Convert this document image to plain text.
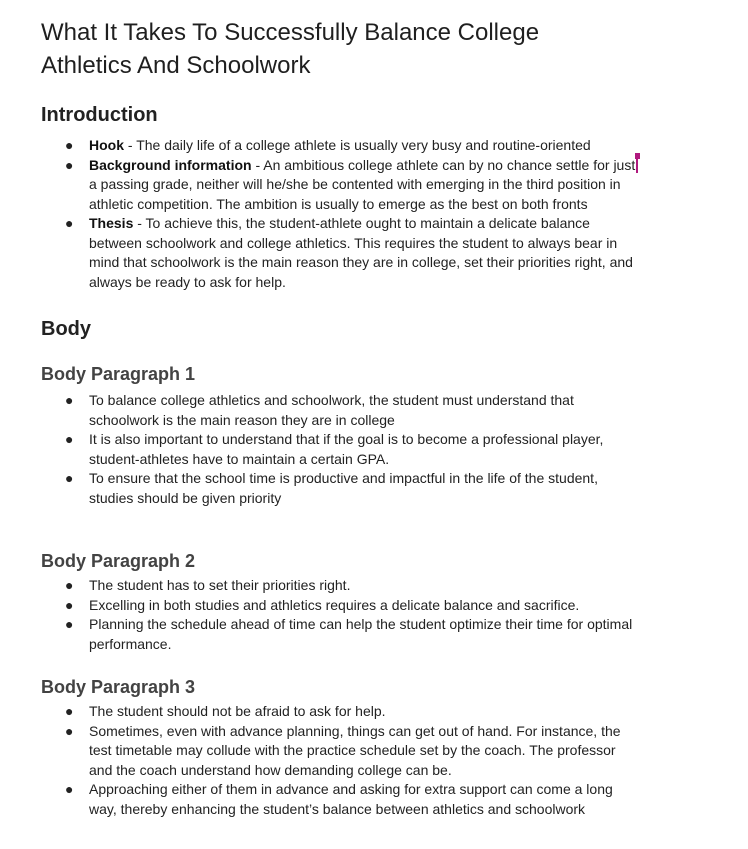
What It Takes To Successfully Balance College
Athletics And Schoolwork
Introduction
● Hook - The daily life of a college athlete is usually very busy and routine-oriented
● Background information - An ambitious college athlete can by no chance settle for just
a passing grade, neither will he/she be contented with emerging in the third position in
athletic competition. The ambition is usually to emerge as the best on both fronts
● Thesis - To achieve this, the student-athlete ought to maintain a delicate balance
between schoolwork and college athletics. This requires the student to always bear in
mind that schoolwork is the main reason they are in college, set their priorities right, and
always be ready to ask for help.
Body
Body Paragraph 1
● To balance college athletics and schoolwork, the student must understand that
schoolwork is the main reason they are in college
● It is also important to understand that if the goal is to become a professional player,
student-athletes have to maintain a certain GPA.
● To ensure that the school time is productive and impactful in the life of the student,
studies should be given priority
Body Paragraph 2
● The student has to set their priorities right.
● Excelling in both studies and athletics requires a delicate balance and sacrifice.
● Planning the schedule ahead of time can help the student optimize their time for optimal
performance.
Body Paragraph 3
● The student should not be afraid to ask for help.
● Sometimes, even with advance planning, things can get out of hand. For instance, the
test timetable may collude with the practice schedule set by the coach. The professor
and the coach understand how demanding college can be.
● Approaching either of them in advance and asking for extra support can come a long
way, thereby enhancing the student’s balance between athletics and schoolwork
